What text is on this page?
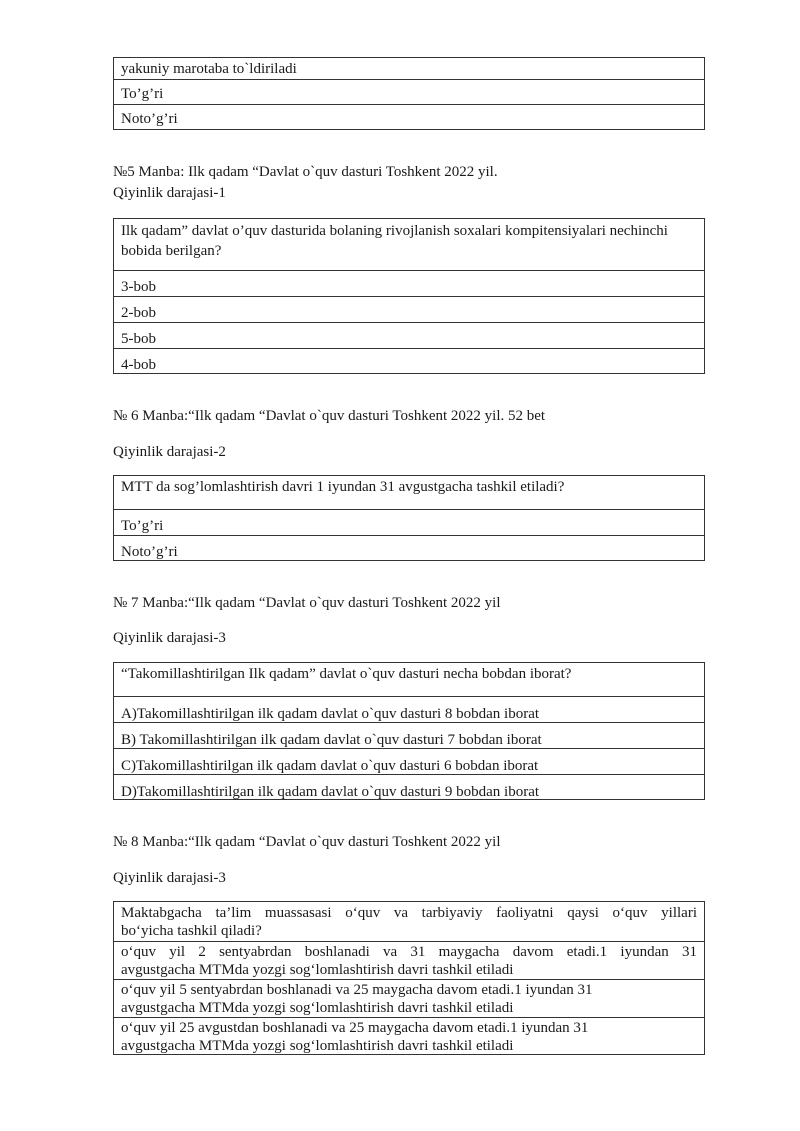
yakuniy marotaba to`ldiriladi
To’g’ri
Noto’g’ri

№5 Manba: Ilk qadam “Davlat o`quv dasturi Toshkent 2022 yil.

Qiyinlik darajasi-1

Ilk qadam” davlat o’quv dasturida bolaning rivojlanish soxalari kompitensiyalari nechinchi bobida berilgan?
3-bob
2-bob
5-bob
4-bob

№ 6 Manba:“Ilk qadam “Davlat o`quv dasturi Toshkent 2022 yil. 52 bet

Qiyinlik darajasi-2

MTT da sog’lomlashtirish davri 1 iyundan 31 avgustgacha tashkil etiladi?
To’g’ri
Noto’g’ri

№ 7 Manba:“Ilk qadam “Davlat o`quv dasturi Toshkent 2022 yil

Qiyinlik darajasi-3

“Takomillashtirilgan Ilk qadam” davlat o`quv dasturi necha bobdan iborat?
A)Takomillashtirilgan ilk qadam davlat o`quv dasturi 8 bobdan iborat
B) Takomillashtirilgan ilk qadam davlat o`quv dasturi 7 bobdan iborat
C)Takomillashtirilgan ilk qadam davlat o`quv dasturi 6 bobdan iborat
D)Takomillashtirilgan ilk qadam davlat o`quv dasturi 9 bobdan iborat

№ 8 Manba:“Ilk qadam “Davlat o`quv dasturi Toshkent 2022 yil

Qiyinlik darajasi-3

Maktabgacha ta’lim muassasasi o‘quv va tarbiyaviy faoliyatni qaysi o‘quv yillari
bo‘yicha tashkil qiladi?
o‘quv yil 2 sentyabrdan boshlanadi va 31 maygacha davom etadi.1 iyundan 31
avgustgacha MTMda yozgi sog‘lomlashtirish davri tashkil etiladi
o‘quv yil 5 sentyabrdan boshlanadi va 25 maygacha davom etadi.1 iyundan 31
avgustgacha MTMda yozgi sog‘lomlashtirish davri tashkil etiladi
o‘quv yil 25 avgustdan boshlanadi va 25 maygacha davom etadi.1 iyundan 31
avgustgacha MTMda yozgi sog‘lomlashtirish davri tashkil etiladi
